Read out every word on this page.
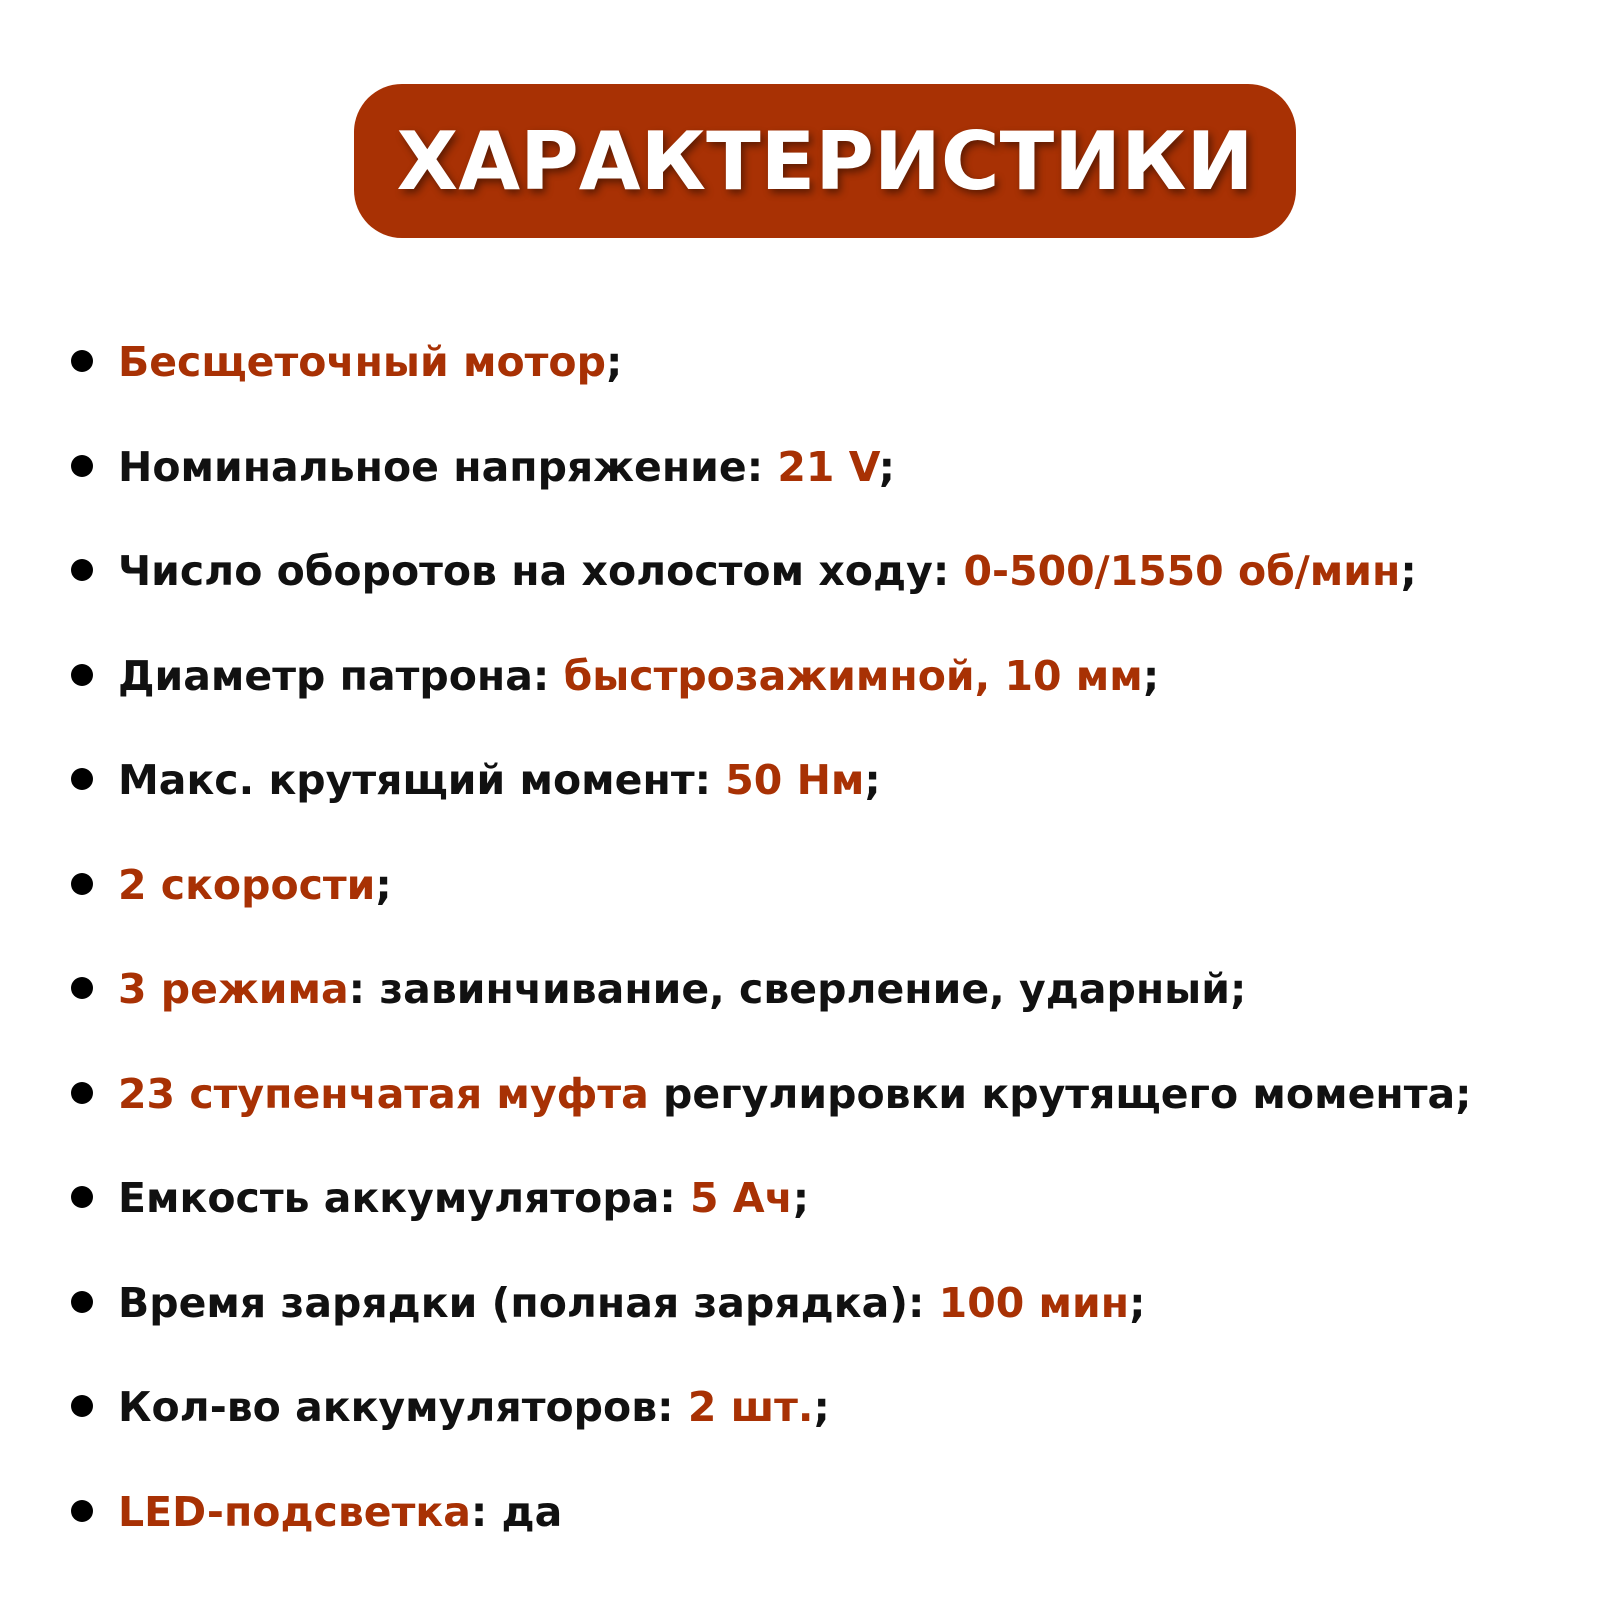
ХАРАКТЕРИСТИКИ
Бесщеточный мотор;
Номинальное напряжение: 21 V;
Число оборотов на холостом ходу: 0-500/1550 об/мин;
Диаметр патрона: быстрозажимной, 10 мм;
Макс. крутящий момент: 50 Нм;
2 скорости;
3 режима: завинчивание, сверление, ударный;
23 ступенчатая муфта регулировки крутящего момента;
Емкость аккумулятора: 5 Ач;
Время зарядки (полная зарядка): 100 мин;
Кол-во аккумуляторов: 2 шт.;
LED-подсветка: да
